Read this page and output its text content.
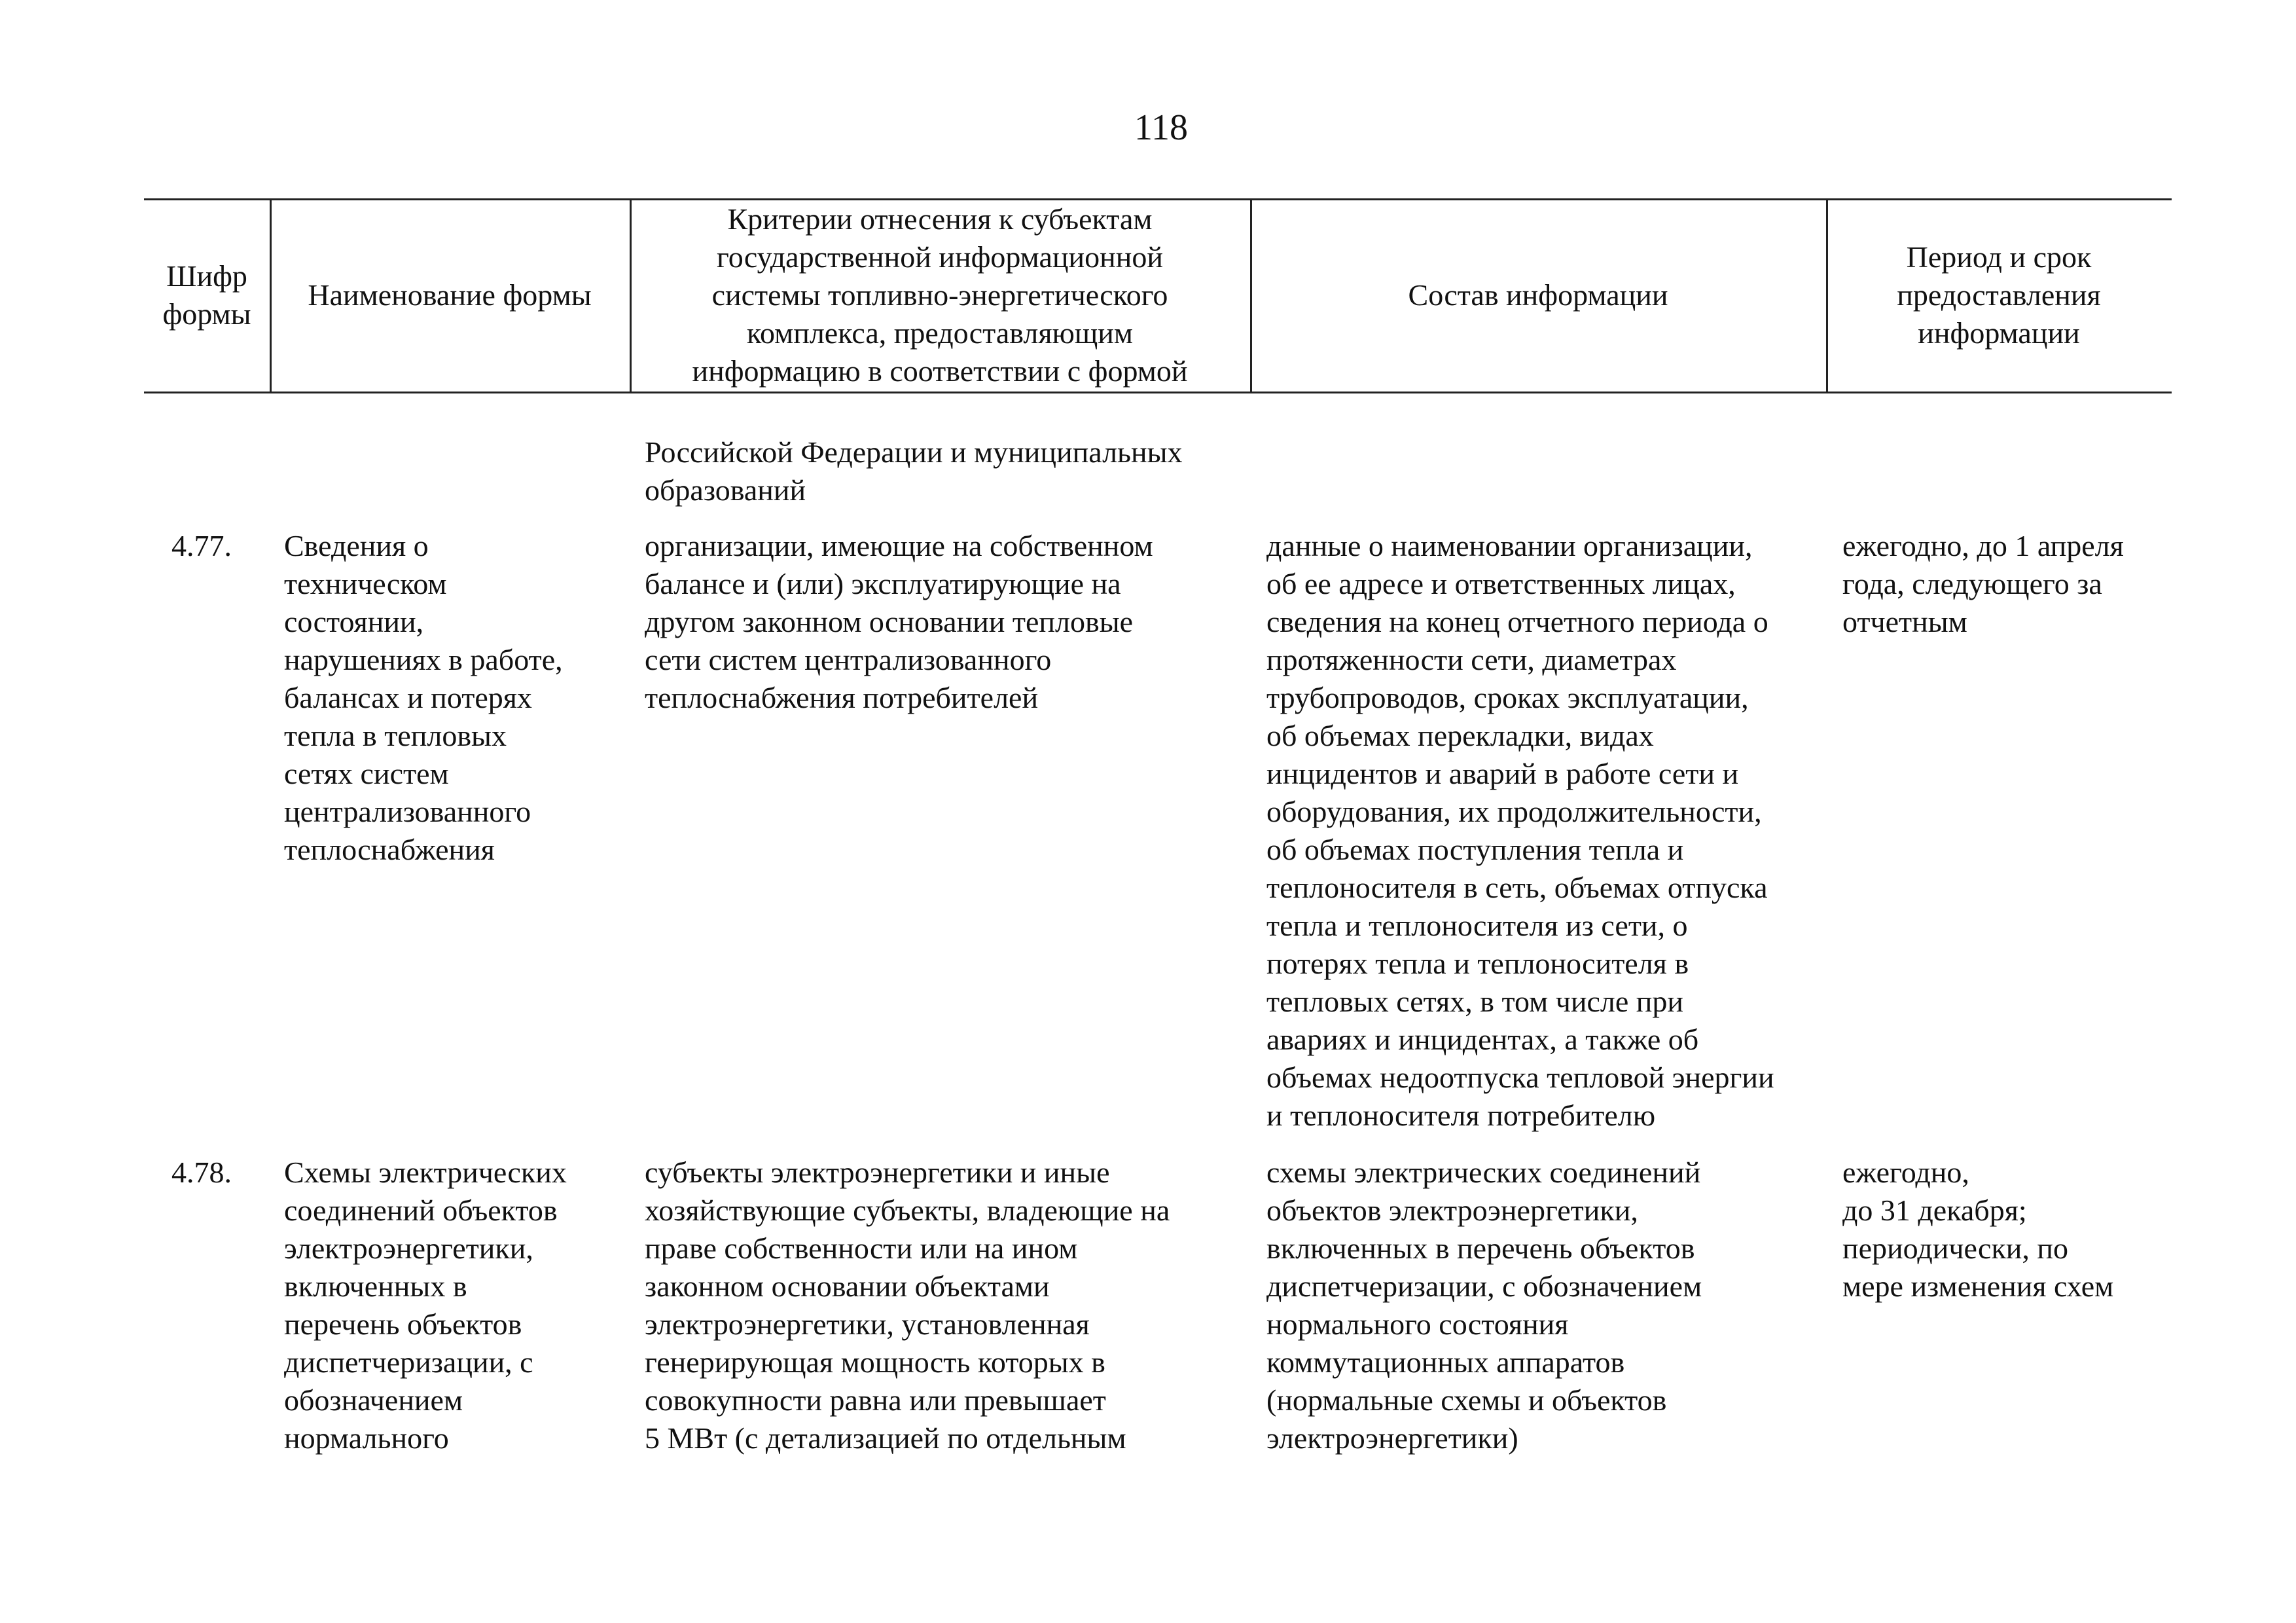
118
Шифр
формы
Наименование формы
Критерии отнесения к субъектам
государственной информационной
системы топливно-энергетического
комплекса, предоставляющим
информацию в соответствии с формой
Состав информации
Период и срок
предоставления
информации
Российской Федерации и муниципальных
образований
4.77.	Сведения о
техническом
состоянии,
нарушениях в работе,
балансах и потерях
тепла в тепловых
сетях систем
централизованного
теплоснабжения
организации, имеющие на собственном
балансе и (или) эксплуатирующие на
другом законном основании тепловые
сети систем централизованного
теплоснабжения потребителей
данные о наименовании организации,
об ее адресе и ответственных лицах,
сведения на конец отчетного периода о
протяженности сети, диаметрах
трубопроводов, сроках эксплуатации,
об объемах перекладки, видах
инцидентов и аварий в работе сети и
оборудования, их продолжительности,
об объемах поступления тепла и
теплоносителя в сеть, объемах отпуска
тепла и теплоносителя из сети, о
потерях тепла и теплоносителя в
тепловых сетях, в том числе при
авариях и инцидентах, а также об
объемах недоотпуска тепловой энергии
и теплоносителя потребителю
ежегодно, до 1 апреля
года, следующего за
отчетным
4.78.	Схемы электрических
соединений объектов
электроэнергетики,
включенных в
перечень объектов
диспетчеризации, с
обозначением
нормального
субъекты электроэнергетики и иные
хозяйствующие субъекты, владеющие на
праве собственности или на ином
законном основании объектами
электроэнергетики, установленная
генерирующая мощность которых в
совокупности равна или превышает
5 МВт (с детализацией по отдельным
схемы электрических соединений
объектов электроэнергетики,
включенных в перечень объектов
диспетчеризации, с обозначением
нормального состояния
коммутационных аппаратов
(нормальные схемы и объектов
электроэнергетики)
ежегодно,
до 31 декабря;
периодически, по
мере изменения схем
